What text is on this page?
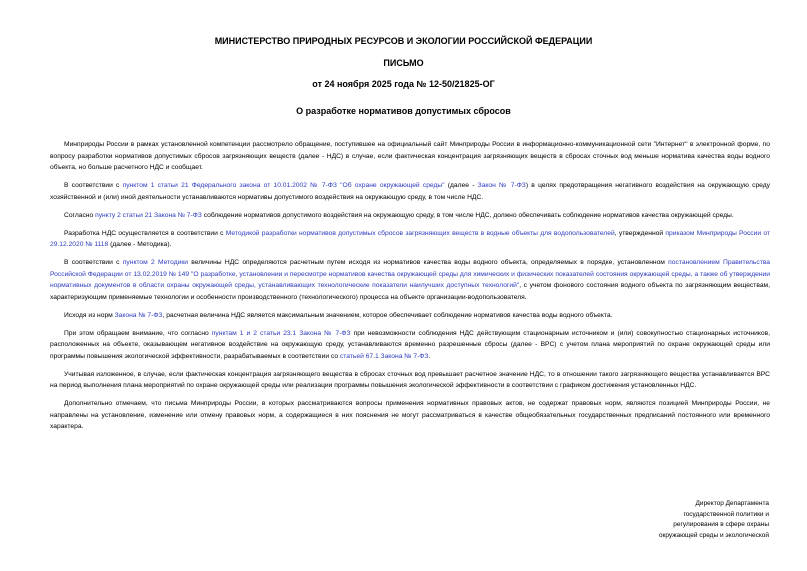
МИНИСТЕРСТВО ПРИРОДНЫХ РЕСУРСОВ И ЭКОЛОГИИ РОССИЙСКОЙ ФЕДЕРАЦИИ
ПИСЬМО
от 24 ноября 2025 года № 12-50/21825-ОГ
О разработке нормативов допустимых сбросов

Минприроды России в рамках установленной компетенции рассмотрело обращение, поступившее на официальный сайт Минприроды России в информационно-коммуникационной сети "Интернет" в электронной форме, по вопросу разработки нормативов допустимых сбросов загрязняющих веществ (далее - НДС) в случае, если фактическая концентрация загрязняющих веществ в сбросах сточных вод меньше норматива качества воды водного объекта, но больше расчетного НДС и сообщает.

В соответствии с пунктом 1 статьи 21 Федерального закона от 10.01.2002 № 7-ФЗ "Об охране окружающей среды" (далее - Закон № 7-ФЗ) в целях предотвращения негативного воздействия на окружающую среду хозяйственной и (или) иной деятельности устанавливаются нормативы допустимого воздействия на окружающую среду, в том числе НДС.

Согласно пункту 2 статьи 21 Закона № 7-ФЗ соблюдение нормативов допустимого воздействия на окружающую среду, в том числе НДС, должно обеспечивать соблюдение нормативов качества окружающей среды.

Разработка НДС осуществляется в соответствии с Методикой разработки нормативов допустимых сбросов загрязняющих веществ в водные объекты для водопользователей, утвержденной приказом Минприроды России от 29.12.2020 № 1118 (далее - Методика).

В соответствии с пунктом 2 Методики величины НДС определяются расчетным путем исходя из нормативов качества воды водного объекта, определяемых в порядке, установленном постановлением Правительства Российской Федерации от 13.02.2019 № 149 "О разработке, установлении и пересмотре нормативов качества окружающей среды для химических и физических показателей состояния окружающей среды, а также об утверждении нормативных документов в области охраны окружающей среды, устанавливающих технологические показатели наилучших доступных технологий", с учетом фонового состояния водного объекта по загрязняющим веществам, характеризующим применяемые технологии и особенности производственного (технологического) процесса на объекте организации-водопользователя.

Исходя из норм Закона № 7-ФЗ, расчетная величина НДС является максимальным значением, которое обеспечивает соблюдение нормативов качества воды водного объекта.

При этом обращаем внимание, что согласно пунктам 1 и 2 статьи 23.1 Закона № 7-ФЗ при невозможности соблюдения НДС действующим стационарным источником и (или) совокупностью стационарных источников, расположенных на объекте, оказывающем негативное воздействие на окружающую среду, устанавливаются временно разрешенные сбросы (далее - ВРС) с учетом плана мероприятий по охране окружающей среды или программы повышения экологической эффективности, разрабатываемых в соответствии со статьей 67.1 Закона № 7-ФЗ.

Учитывая изложенное, в случае, если фактическая концентрация загрязняющего вещества в сбросах сточных вод превышает расчетное значение НДС, то в отношении такого загрязняющего вещества устанавливается ВРС на период выполнения плана мероприятий по охране окружающей среды или реализации программы повышения экологической эффективности в соответствии с графиком достижения установленных НДС.

Дополнительно отмечаем, что письма Минприроды России, в которых рассматриваются вопросы применения нормативных правовых актов, не содержат правовых норм, являются позицией Минприроды России, не направлены на установление, изменение или отмену правовых норм, а содержащиеся в них пояснения не могут рассматриваться в качестве общеобязательных государственных предписаний постоянного или временного характера.

Директор Департамента
государственной политики и
регулирования в сфере охраны
окружающей среды и экологической
